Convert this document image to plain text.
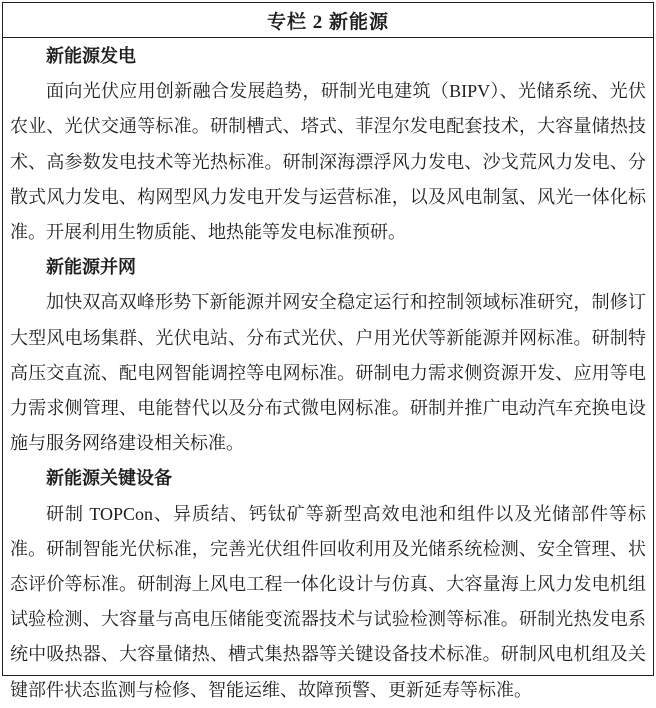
专栏 2 新能源
新能源发电

面向光伏应用创新融合发展趋势，研制光电建筑（BIPV）、光储系统、光伏农业、光伏交通等标准。研制槽式、塔式、菲涅尔发电配套技术，大容量储热技术、高参数发电技术等光热标准。研制深海漂浮风力发电、沙戈荒风力发电、分散式风力发电、构网型风力发电开发与运营标准，以及风电制氢、风光一体化标准。开展利用生物质能、地热能等发电标准预研。

新能源并网

加快双高双峰形势下新能源并网安全稳定运行和控制领域标准研究，制修订大型风电场集群、光伏电站、分布式光伏、户用光伏等新能源并网标准。研制特高压交直流、配电网智能调控等电网标准。研制电力需求侧资源开发、应用等电力需求侧管理、电能替代以及分布式微电网标准。研制并推广电动汽车充换电设施与服务网络建设相关标准。

新能源关键设备

研制 TOPCon、异质结、钙钛矿等新型高效电池和组件以及光储部件等标准。研制智能光伏标准，完善光伏组件回收利用及光储系统检测、安全管理、状态评价等标准。研制海上风电工程一体化设计与仿真、大容量海上风力发电机组试验检测、大容量与高电压储能变流器技术与试验检测等标准。研制光热发电系统中吸热器、大容量储热、槽式集热器等关键设备技术标准。研制风电机组及关键部件状态监测与检修、智能运维、故障预警、更新延寿等标准。
